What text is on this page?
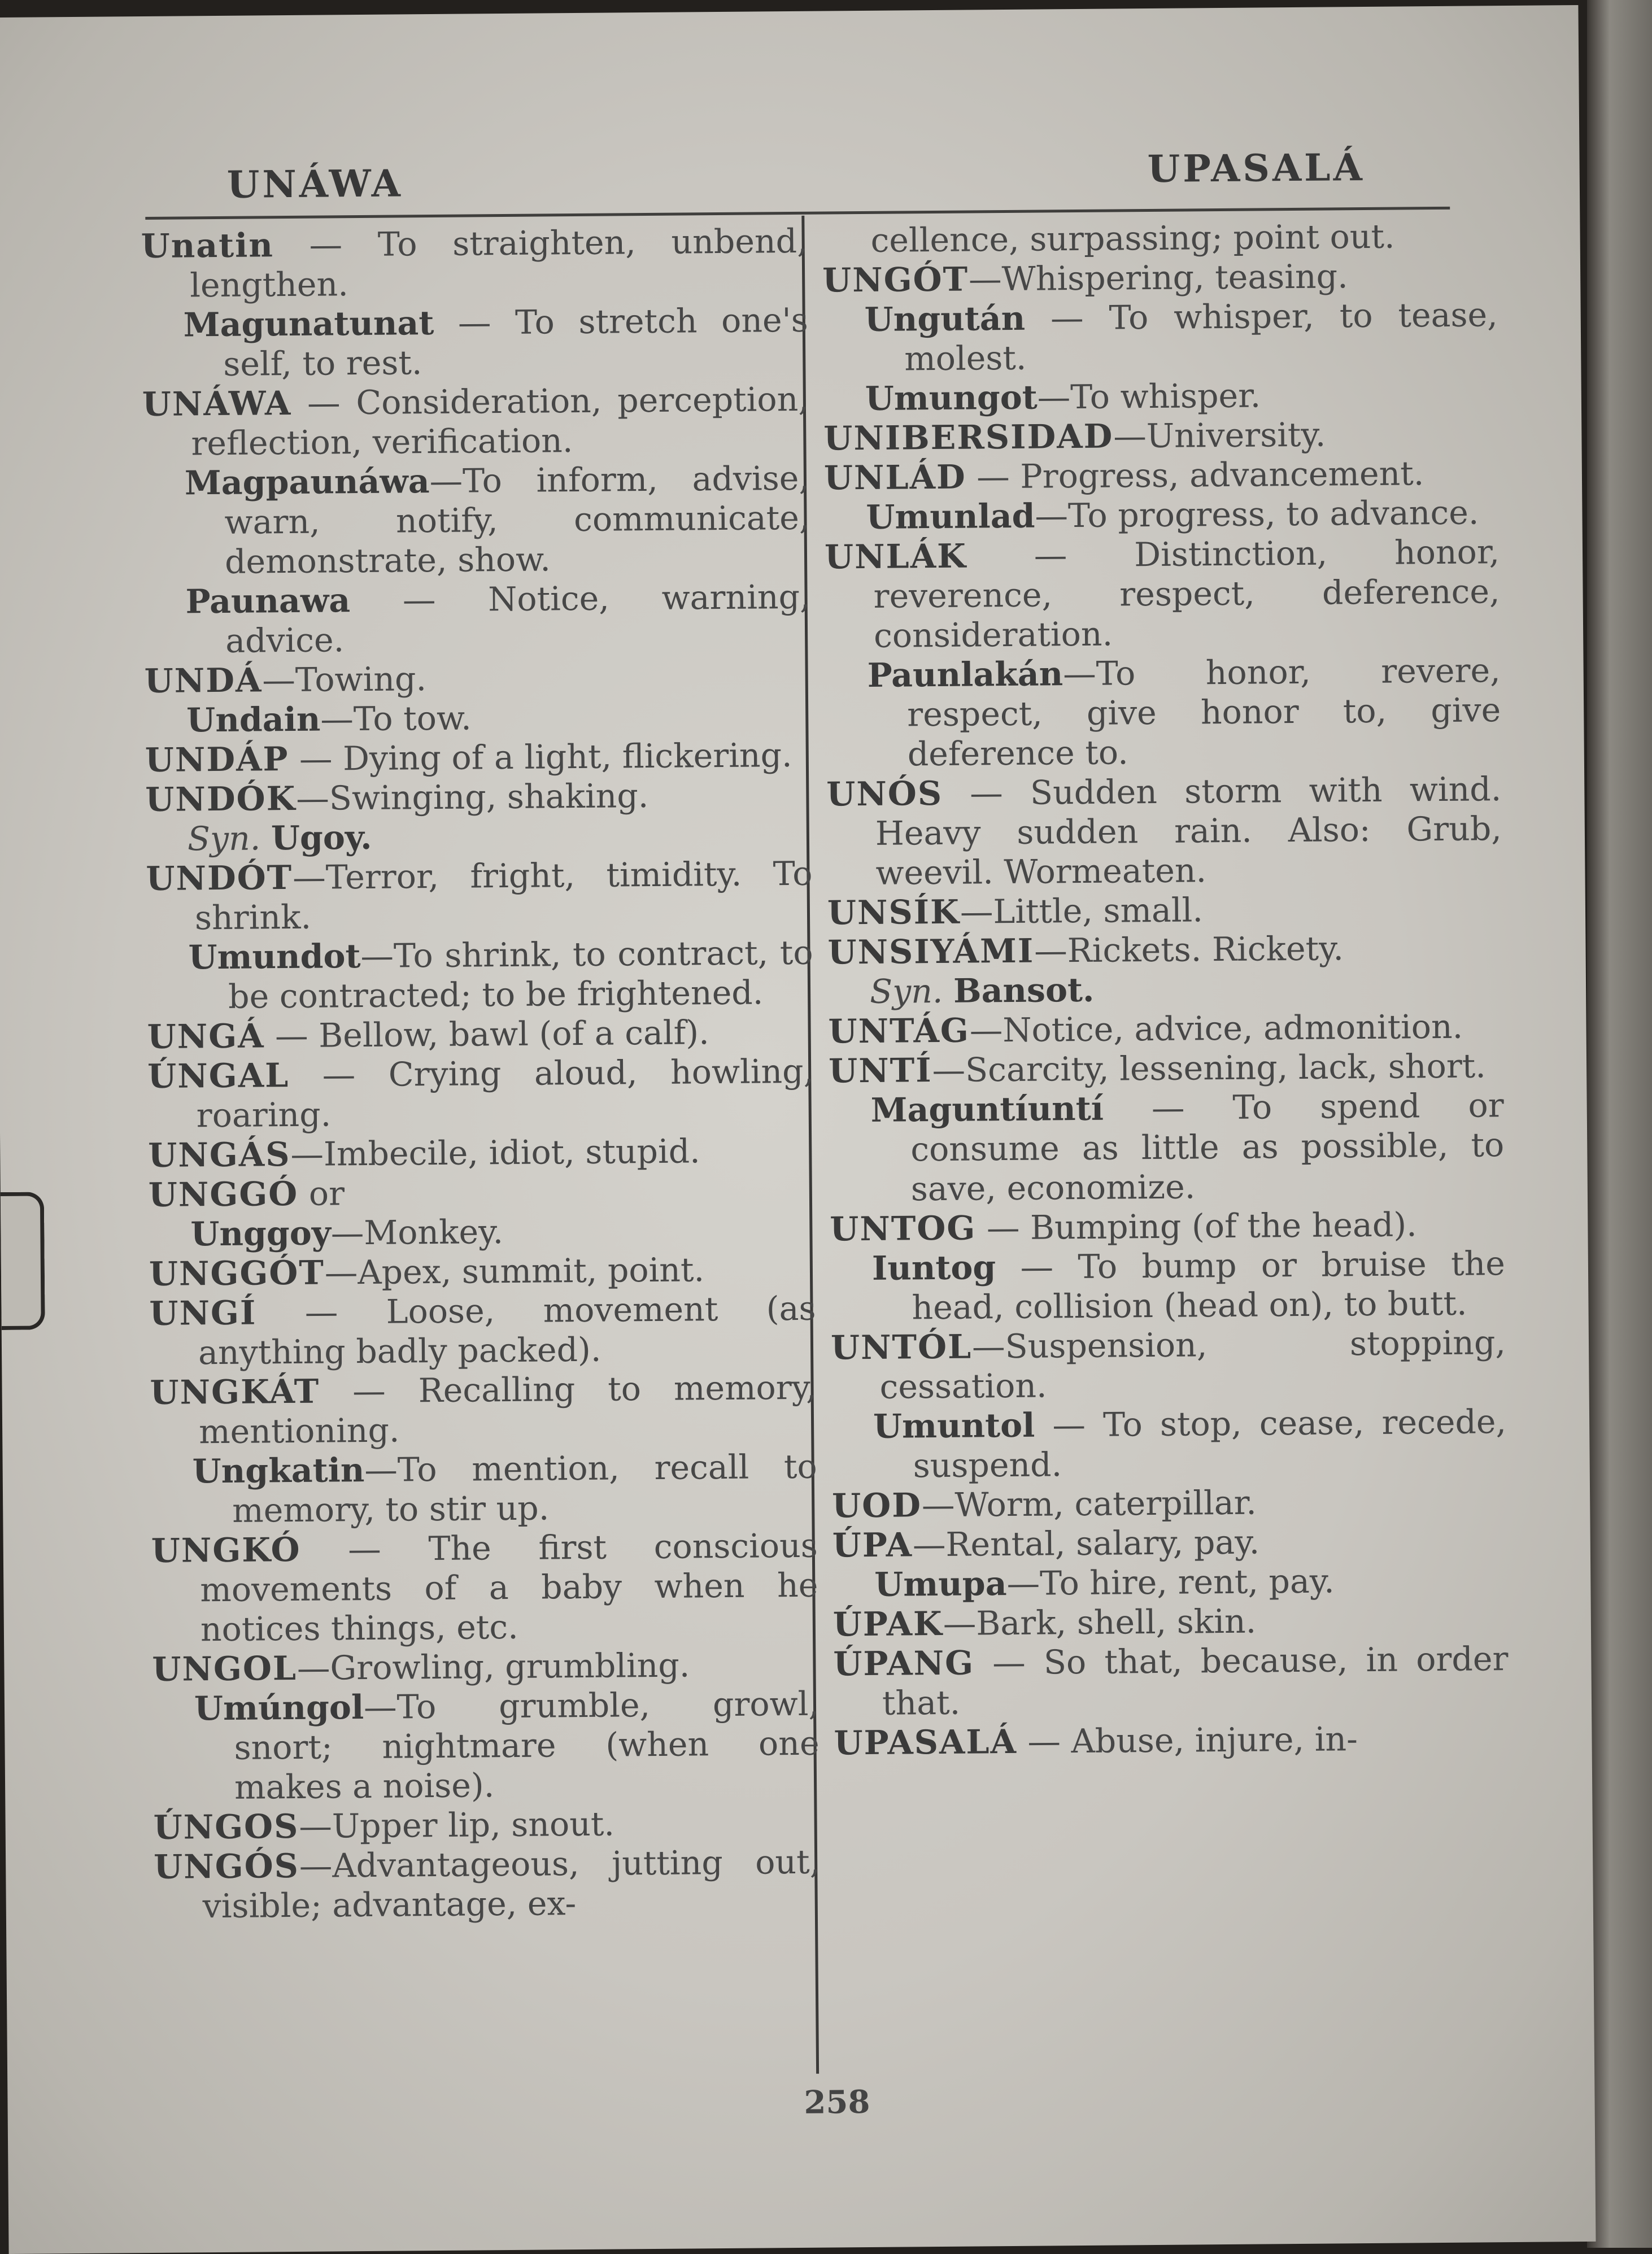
UNÁWA	UPASALÁ
Unatin — To straighten, unbend, lengthen.
Magunatunat — To stretch one's self, to rest.
UNÁWA — Consideration, perception, reflection, verification.
Magpaunáwa—To inform, advise, warn, notify, communicate, demonstrate, show.
Paunawa — Notice, warning, advice.
UNDÁ—Towing.
Undain—To tow.
UNDÁP — Dying of a light, flickering.
UNDÓK—Swinging, shaking.
Syn. Ugoy.
UNDÓT—Terror, fright, timidity. To shrink.
Umundot—To shrink, to contract, to be contracted; to be frightened.
UNGÁ — Bellow, bawl (of a calf).
ÚNGAL — Crying aloud, howling, roaring.
UNGÁS—Imbecile, idiot, stupid.
UNGGÓ or
Unggoy—Monkey.
UNGGÓT—Apex, summit, point.
UNGÍ — Loose, movement (as anything badly packed).
UNGKÁT — Recalling to memory, mentioning.
Ungkatin—To mention, recall to memory, to stir up.
UNGKÓ — The first conscious movements of a baby when he notices things, etc.
UNGOL—Growling, grumbling.
Umúngol—To grumble, growl, snort; nightmare (when one makes a noise).
ÚNGOS—Upper lip, snout.
UNGÓS—Advantageous, jutting out, visible; advantage, ex-
cellence, surpassing; point out.
UNGÓT—Whispering, teasing.
Ungután — To whisper, to tease, molest.
Umungot—To whisper.
UNIBERSIDAD—University.
UNLÁD — Progress, advancement.
Umunlad—To progress, to advance.
UNLÁK — Distinction, honor, reverence, respect, deference, consideration.
Paunlakán—To honor, revere, respect, give honor to, give deference to.
UNÓS — Sudden storm with wind. Heavy sudden rain. Also: Grub, weevil. Wormeaten.
UNSÍK—Little, small.
UNSIYÁMI—Rickets. Rickety.
Syn. Bansot.
UNTÁG—Notice, advice, admonition.
UNTÍ—Scarcity, lessening, lack, short.
Maguntíuntí — To spend or consume as little as possible, to save, economize.
UNTOG — Bumping (of the head).
Iuntog — To bump or bruise the head, collision (head on), to butt.
UNTÓL—Suspension, stopping, cessation.
Umuntol — To stop, cease, recede, suspend.
UOD—Worm, caterpillar.
ÚPA—Rental, salary, pay.
Umupa—To hire, rent, pay.
ÚPAK—Bark, shell, skin.
ÚPANG — So that, because, in order that.
UPASALÁ — Abuse, injure, in-
258
